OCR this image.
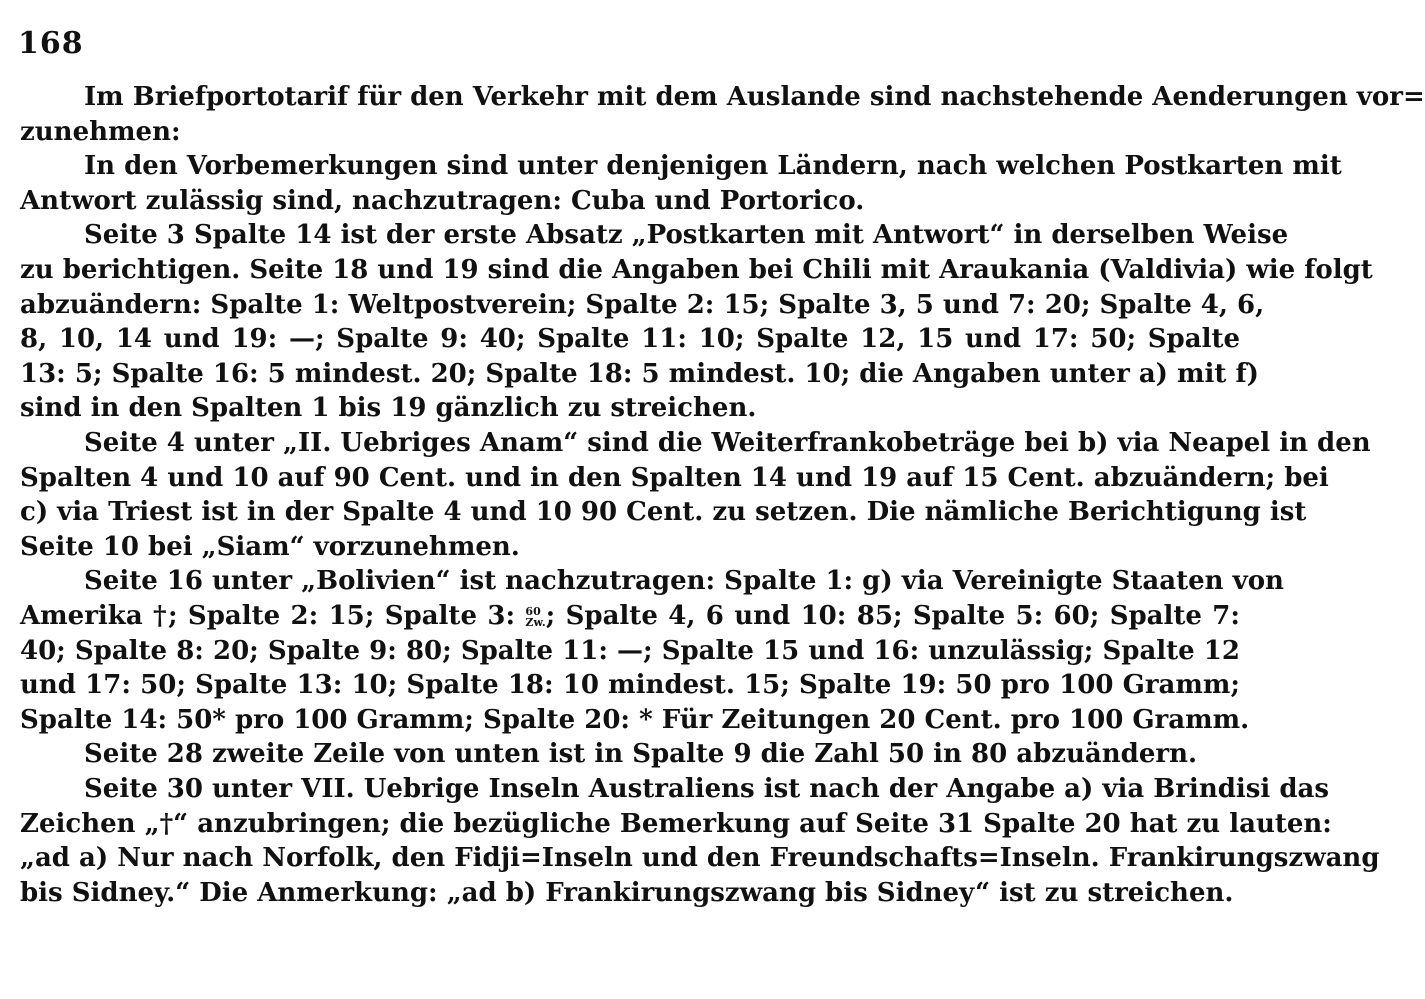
168
Im Briefportotarif für den Verkehr mit dem Auslande sind nachstehende Aenderungen vor=
zunehmen:
In den Vorbemerkungen sind unter denjenigen Ländern, nach welchen Postkarten mit
Antwort zulässig sind, nachzutragen: Cuba und Portorico.
Seite 3 Spalte 14 ist der erste Absatz „Postkarten mit Antwort“ in derselben Weise
zu berichtigen. Seite 18 und 19 sind die Angaben bei Chili mit Araukania (Valdivia) wie folgt
abzuändern: Spalte 1: Weltpostverein; Spalte 2: 15; Spalte 3, 5 und 7: 20; Spalte 4, 6,
8, 10, 14 und 19: —; Spalte 9: 40; Spalte 11: 10; Spalte 12, 15 und 17: 50; Spalte
13: 5; Spalte 16: 5 mindest. 20; Spalte 18: 5 mindest. 10; die Angaben unter a) mit f)
sind in den Spalten 1 bis 19 gänzlich zu streichen.
Seite 4 unter „II. Uebriges Anam“ sind die Weiterfrankobeträge bei b) via Neapel in den
Spalten 4 und 10 auf 90 Cent. und in den Spalten 14 und 19 auf 15 Cent. abzuändern; bei
c) via Triest ist in der Spalte 4 und 10 90 Cent. zu setzen. Die nämliche Berichtigung ist
Seite 10 bei „Siam“ vorzunehmen.
Seite 16 unter „Bolivien“ ist nachzutragen: Spalte 1: g) via Vereinigte Staaten von
Amerika †; Spalte 2: 15; Spalte 3: 60
Zw. ; Spalte 4, 6 und 10: 85; Spalte 5: 60; Spalte 7:
40; Spalte 8: 20; Spalte 9: 80; Spalte 11: —; Spalte 15 und 16: unzulässig; Spalte 12
und 17: 50; Spalte 13: 10; Spalte 18: 10 mindest. 15; Spalte 19: 50 pro 100 Gramm;
Spalte 14: 50* pro 100 Gramm; Spalte 20: * Für Zeitungen 20 Cent. pro 100 Gramm.
Seite 28 zweite Zeile von unten ist in Spalte 9 die Zahl 50 in 80 abzuändern.
Seite 30 unter VII. Uebrige Inseln Australiens ist nach der Angabe a) via Brindisi das
Zeichen „†“ anzubringen; die bezügliche Bemerkung auf Seite 31 Spalte 20 hat zu lauten:
„ad a) Nur nach Norfolk, den Fidji=Inseln und den Freundschafts=Inseln. Frankirungszwang
bis Sidney.“ Die Anmerkung: „ad b) Frankirungszwang bis Sidney“ ist zu streichen.
